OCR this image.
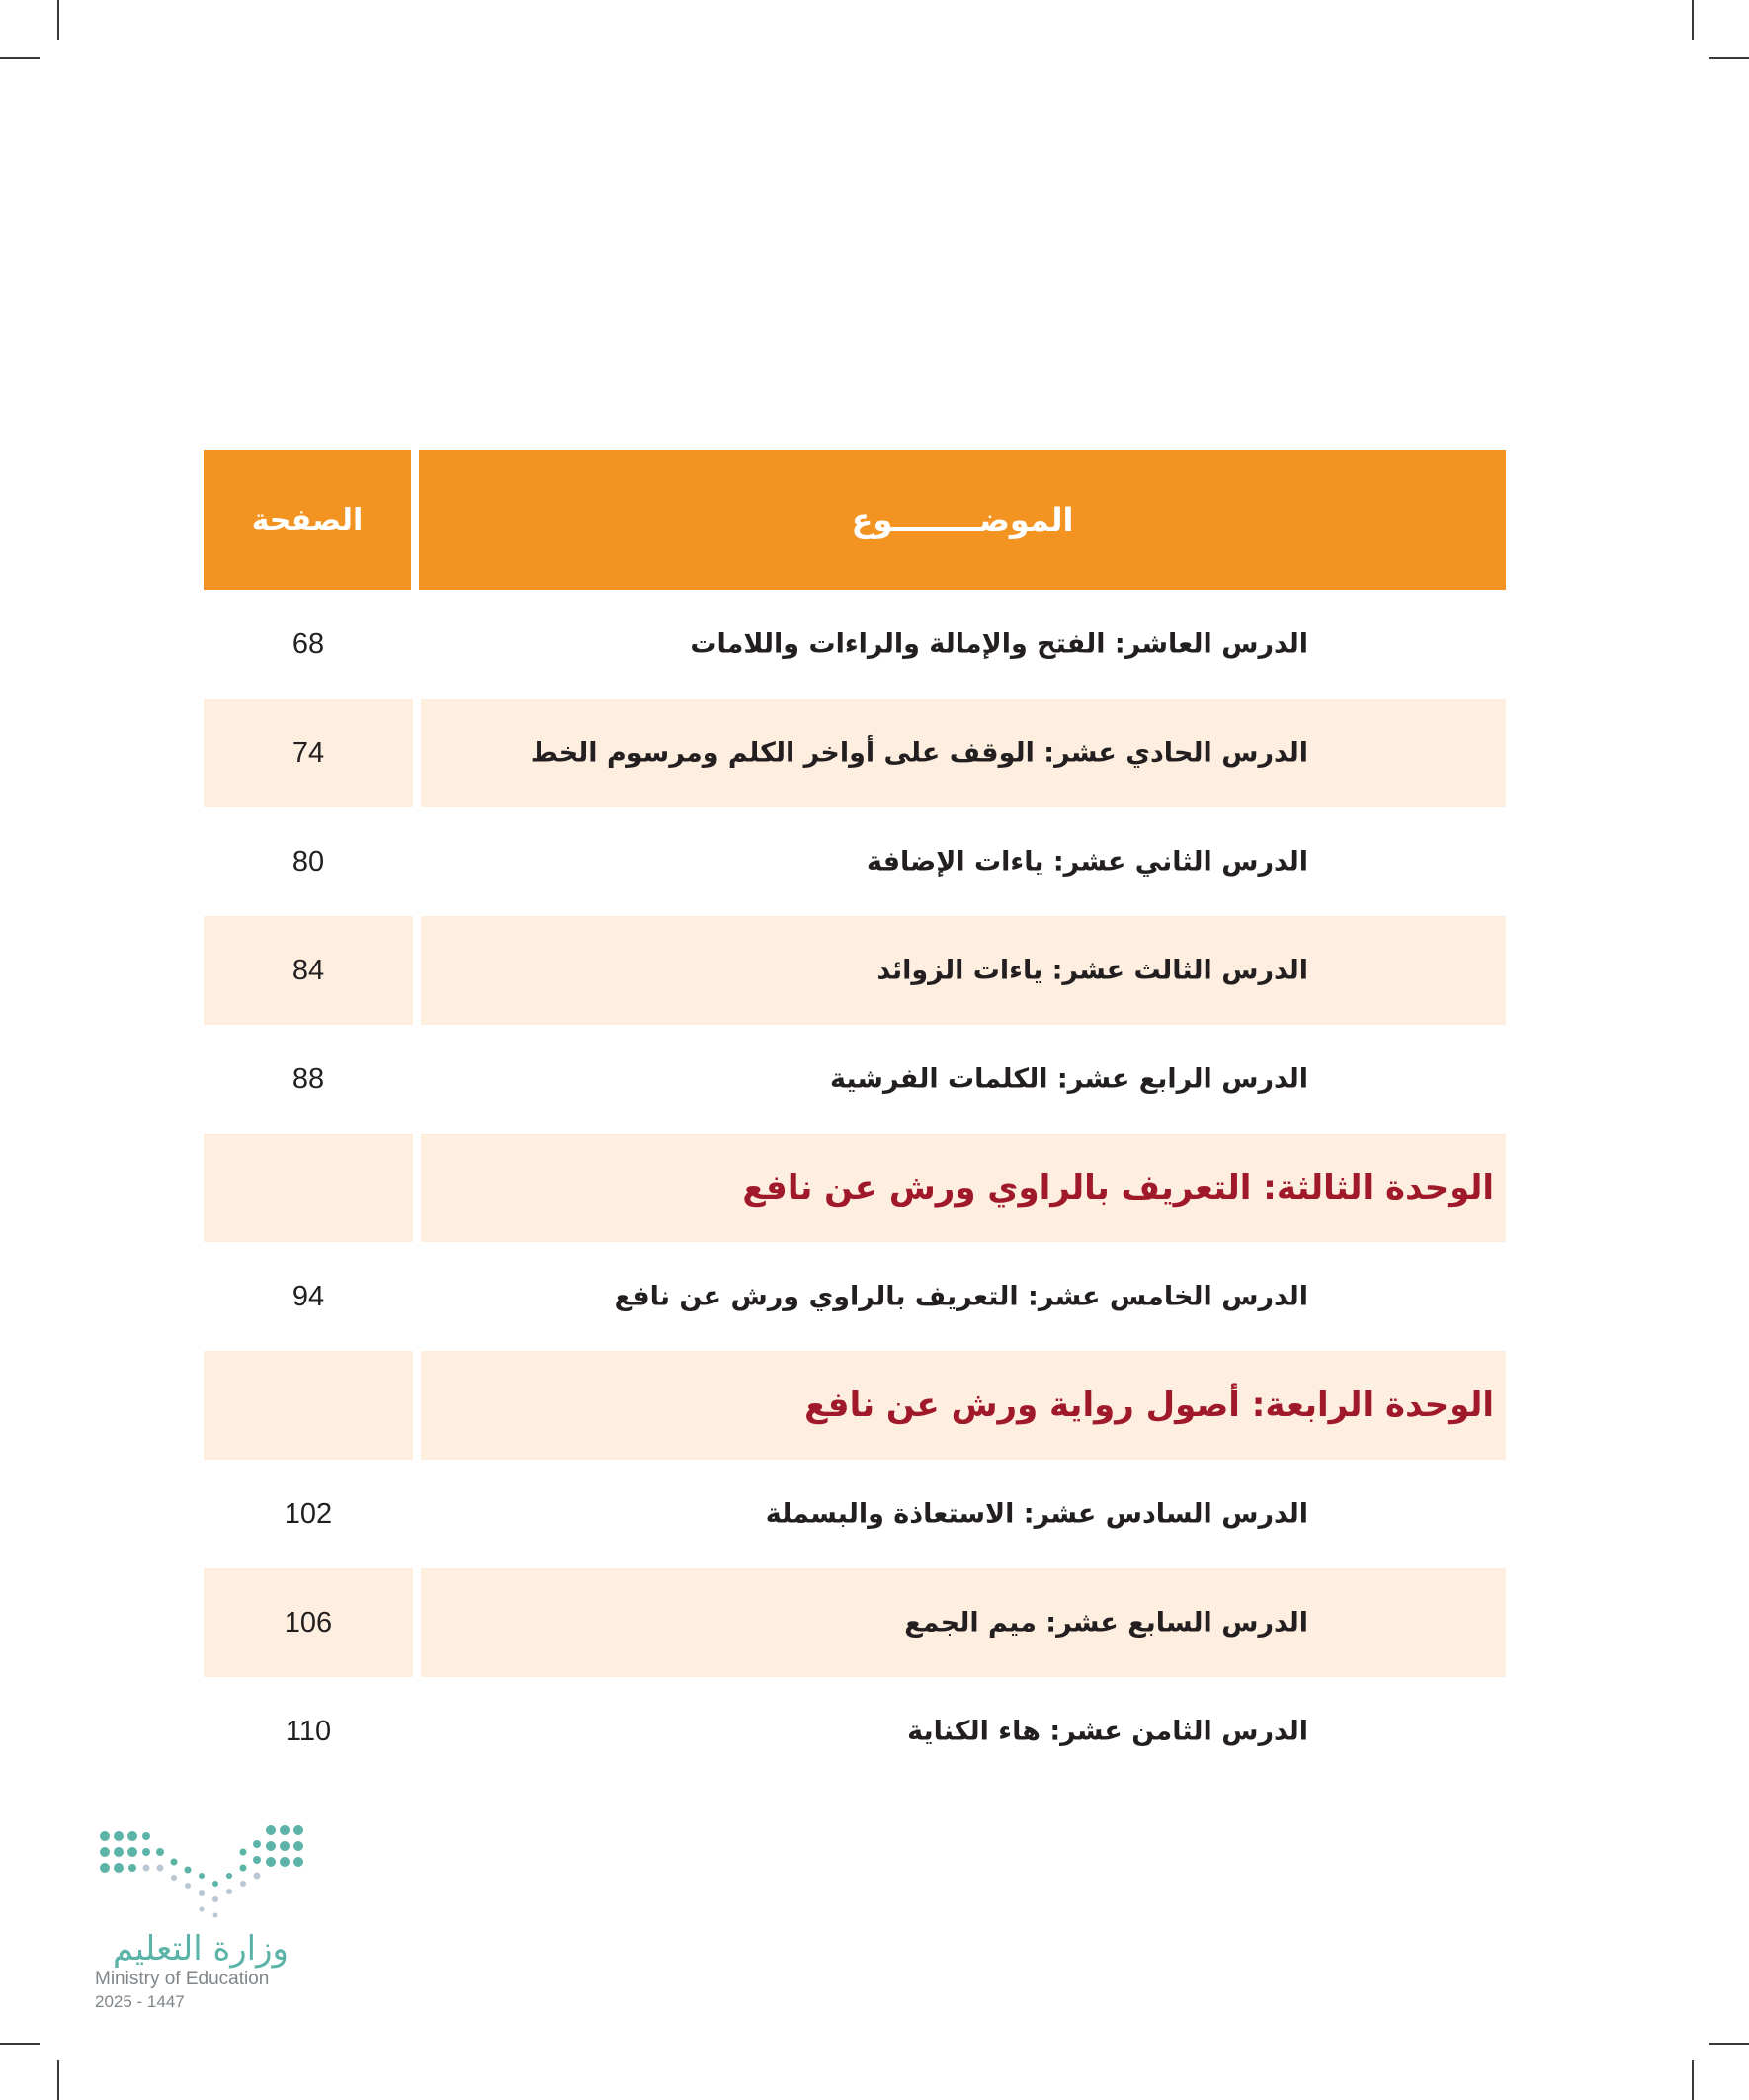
الصفحة	الموضــــــــوع
68	الدرس العاشر: الفتح والإمالة والراءات واللامات
74	الدرس الحادي عشر: الوقف على أواخر الكلم ومرسوم الخط
80	الدرس الثاني عشر: ياءات الإضافة
84	الدرس الثالث عشر: ياءات الزوائد
88	الدرس الرابع عشر: الكلمات الفرشية
الوحدة الثالثة: التعريف بالراوي ورش عن نافع
94	الدرس الخامس عشر: التعريف بالراوي ورش عن نافع
الوحدة الرابعة: أصول رواية ورش عن نافع
102	الدرس السادس عشر: الاستعاذة والبسملة
106	الدرس السابع عشر: ميم الجمع
110	الدرس الثامن عشر: هاء الكناية
وزارة التعليم
Ministry of Education
2025 - 1447
